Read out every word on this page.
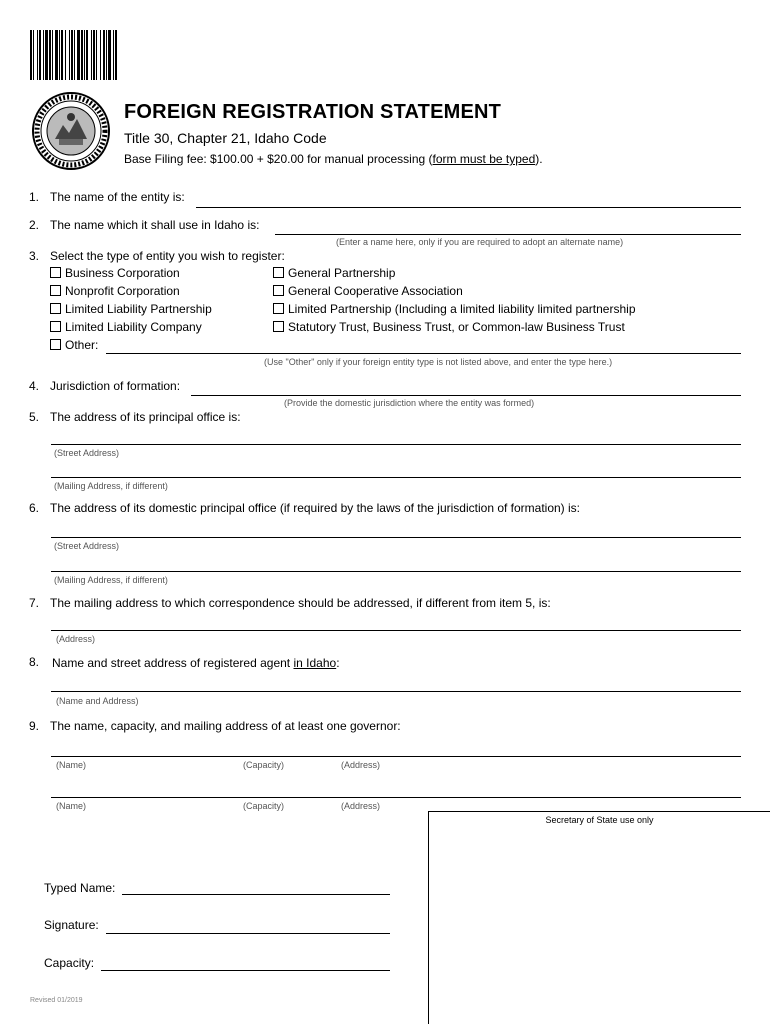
FOREIGN REGISTRATION STATEMENT
Title 30, Chapter 21, Idaho Code
Base Filing fee: $100.00 + $20.00 for manual processing (form must be typed).
1. The name of the entity is:
2. The name which it shall use in Idaho is:
(Enter a name here, only if you are required to adopt an alternate name)
3. Select the type of entity you wish to register:
Business Corporation
Nonprofit Corporation
Limited Liability Partnership
Limited Liability Company
General Partnership
General Cooperative Association
Limited Partnership (Including a limited liability limited partnership
Statutory Trust, Business Trust, or Common-law Business Trust
Other:
(Use "Other" only if your foreign entity type is not listed above, and enter the type here.)
4. Jurisdiction of formation:
(Provide the domestic jurisdiction where the entity was formed)
5. The address of its principal office is:
(Street Address)
(Mailing Address, if different)
6. The address of its domestic principal office (if required by the laws of the jurisdiction of formation) is:
(Street Address)
(Mailing Address, if different)
7. The mailing address to which correspondence should be addressed, if different from item 5, is:
(Address)
8. Name and street address of registered agent in Idaho:
(Name and Address)
9. The name, capacity, and mailing address of at least one governor:
(Name)	(Capacity)	(Address)
(Name)	(Capacity)	(Address)
Typed Name:
Signature:
Capacity:
Secretary of State use only
Revised 01/2019
